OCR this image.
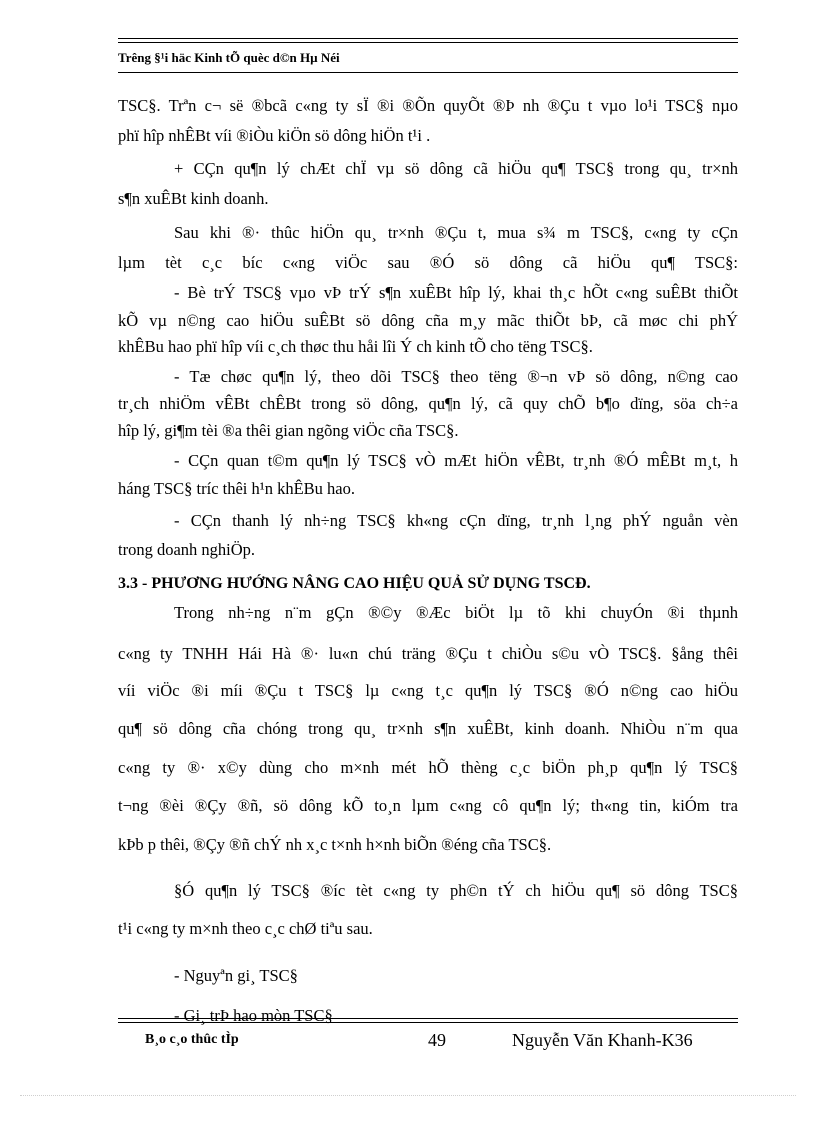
Trêng §¹i häc Kinh tÕ quèc d©n Hµ Néi
TSC§. Trªn c¬ së ®bcã c«ng ty sÏ ®i ®Õn quyÕt ®Þ nh ®Çu t vµo lo¹i TSC§ nµo
phï hîp nhÊBt víi ®iÒu kiÖn sö dông hiÖn t¹i .
+ CÇn qu¶n lý chÆt chÏ vµ sö dông cã hiÖu qu¶ TSC§ trong qu¸ tr×nh
s¶n xuÊBt kinh doanh.
Sau khi ®· thûc hiÖn qu¸ tr×nh ®Çu t, mua s¾ m TSC§, c«ng ty cÇn
lµm tèt c¸c bíc c«ng viÖc sau ®Ó sö dông cã hiÖu qu¶ TSC§:
- Bè trÝ TSC§ vµo vÞ trÝ s¶n xuÊBt hîp lý, khai th¸c hÕt c«ng suÊBt thiÕt
kÕ vµ n©ng cao hiÖu suÊBt sö dông cña m¸y mãc thiÕt bÞ, cã møc chi phÝ
khÊBu hao phï hîp víi c¸ch thøc thu håi lîi Ý ch kinh tÕ cho tëng TSC§.
- Tæ chøc qu¶n lý, theo dõi TSC§ theo tëng ®¬n vÞ sö dông, n©ng cao
tr¸ch nhiÖm vÊBt chÊBt trong sö dông, qu¶n lý, cã quy chÕ b¶o dïng, söa ch÷a
hîp lý, gi¶m tèi ®a thêi gian ngõng viÖc cña TSC§.
- CÇn quan t©m qu¶n lý TSC§ vÒ mÆt hiÖn vÊBt, tr¸nh ®Ó mÊBt m¸t, h
háng TSC§ tríc thêi h¹n khÊBu hao.
- CÇn thanh lý nh÷ng TSC§ kh«ng cÇn dïng, tr¸nh l¸ng phÝ nguån vèn
trong doanh nghiÖp.
3.3 - PHƯƠNG HƯỚNG NÂNG CAO HIỆU QUẢ SỬ DỤNG TSCĐ.
Trong nh÷ng n¨m gÇn ®©y ®Æc biÖt lµ tõ khi chuyÓn ®i thµnh
c«ng ty TNHH Hái Hà ®· lu«n chú träng ®Çu t chiÒu s©u vÒ TSC§. §ång thêi
víi viÖc ®i míi ®Çu t TSC§ lµ c«ng t¸c qu¶n lý TSC§ ®Ó n©ng cao hiÖu
qu¶ sö dông cña chóng trong qu¸ tr×nh s¶n xuÊBt, kinh doanh. NhiÒu n¨m qua
c«ng ty ®· x©y dùng cho m×nh mét hÕ thèng c¸c biÖn ph¸p qu¶n lý TSC§
t¬ng ®èi ®Çy ®ñ, sö dông kÕ to¸n lµm c«ng cô qu¶n lý; th«ng tin, kiÓm tra
kÞb p thêi, ®Çy ®ñ chÝ nh x¸c t×nh h×nh biÕn ®éng cña TSC§.
§Ó qu¶n lý TSC§ ®íc tèt c«ng ty ph©n tÝ ch hiÖu qu¶ sö dông TSC§
t¹i c«ng ty m×nh theo c¸c chØ tiªu sau.
- Nguyªn gi¸ TSC§
- Gi¸ trÞ hao mòn TSC§
B¸o c¸o thûc tÌp	49	Nguyễn Văn Khanh-K36
